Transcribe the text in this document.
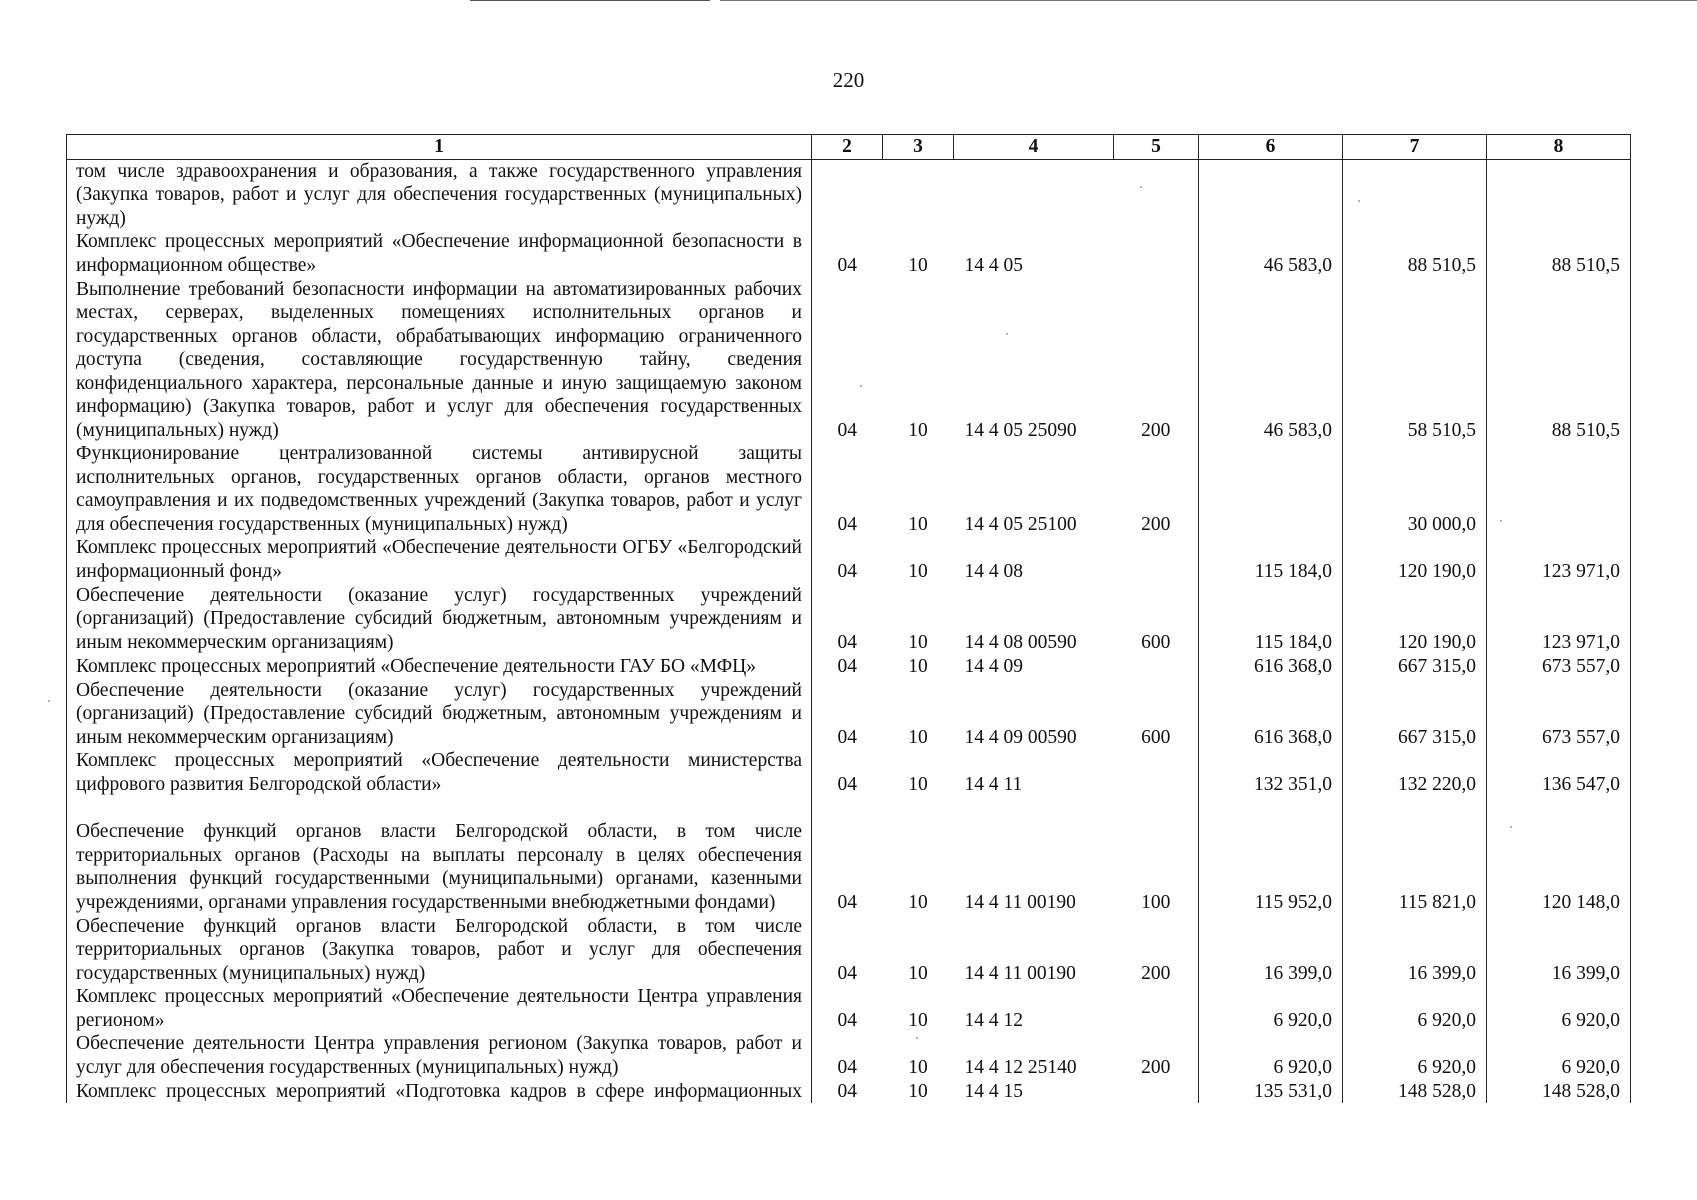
220
1	2	3	4	5	6	7	8
том числе здравоохранения и образования, а также государственного управления (Закупка товаров, работ и услуг для обеспечения государственных (муниципальных) нужд)							
Комплекс процессных мероприятий «Обеспечение информационной безопасности в информационном обществе»	04	10	14 4 05		46 583,0	88 510,5	88 510,5
Выполнение требований безопасности информации на автоматизированных рабочих местах, серверах, выделенных помещениях исполнительных органов и государственных органов области, обрабатывающих информацию ограниченного доступа (сведения, составляющие государственную тайну, сведения конфиденциального характера, персональные данные и иную защищаемую законом информацию) (Закупка товаров, работ и услуг для обеспечения государственных (муниципальных) нужд)	04	10	14 4 05 25090	200	46 583,0	58 510,5	88 510,5
Функционирование централизованной системы антивирусной защиты исполнительных органов, государственных органов области, органов местного самоуправления и их подведомственных учреждений (Закупка товаров, работ и услуг для обеспечения государственных (муниципальных) нужд)	04	10	14 4 05 25100	200		30 000,0	
Комплекс процессных мероприятий «Обеспечение деятельности ОГБУ «Белгородский информационный фонд»	04	10	14 4 08		115 184,0	120 190,0	123 971,0
Обеспечение деятельности (оказание услуг) государственных учреждений (организаций) (Предоставление субсидий бюджетным, автономным учреждениям и иным некоммерческим организациям)	04	10	14 4 08 00590	600	115 184,0	120 190,0	123 971,0
Комплекс процессных мероприятий «Обеспечение деятельности ГАУ БО «МФЦ»	04	10	14 4 09		616 368,0	667 315,0	673 557,0
Обеспечение деятельности (оказание услуг) государственных учреждений (организаций) (Предоставление субсидий бюджетным, автономным учреждениям и иным некоммерческим организациям)	04	10	14 4 09 00590	600	616 368,0	667 315,0	673 557,0
Комплекс процессных мероприятий «Обеспечение деятельности министерства цифрового развития Белгородской области»	04	10	14 4 11		132 351,0	132 220,0	136 547,0
Обеспечение функций органов власти Белгородской области, в том числе территориальных органов (Расходы на выплаты персоналу в целях обеспечения выполнения функций государственными (муниципальными) органами, казенными учреждениями, органами управления государственными внебюджетными фондами)	04	10	14 4 11 00190	100	115 952,0	115 821,0	120 148,0
Обеспечение функций органов власти Белгородской области, в том числе территориальных органов (Закупка товаров, работ и услуг для обеспечения государственных (муниципальных) нужд)	04	10	14 4 11 00190	200	16 399,0	16 399,0	16 399,0
Комплекс процессных мероприятий «Обеспечение деятельности Центра управления регионом»	04	10	14 4 12		6 920,0	6 920,0	6 920,0
Обеспечение деятельности Центра управления регионом (Закупка товаров, работ и услуг для обеспечения государственных (муниципальных) нужд)	04	10	14 4 12 25140	200	6 920,0	6 920,0	6 920,0
Комплекс процессных мероприятий «Подготовка кадров в сфере информационных	04	10	14 4 15		135 531,0	148 528,0	148 528,0
